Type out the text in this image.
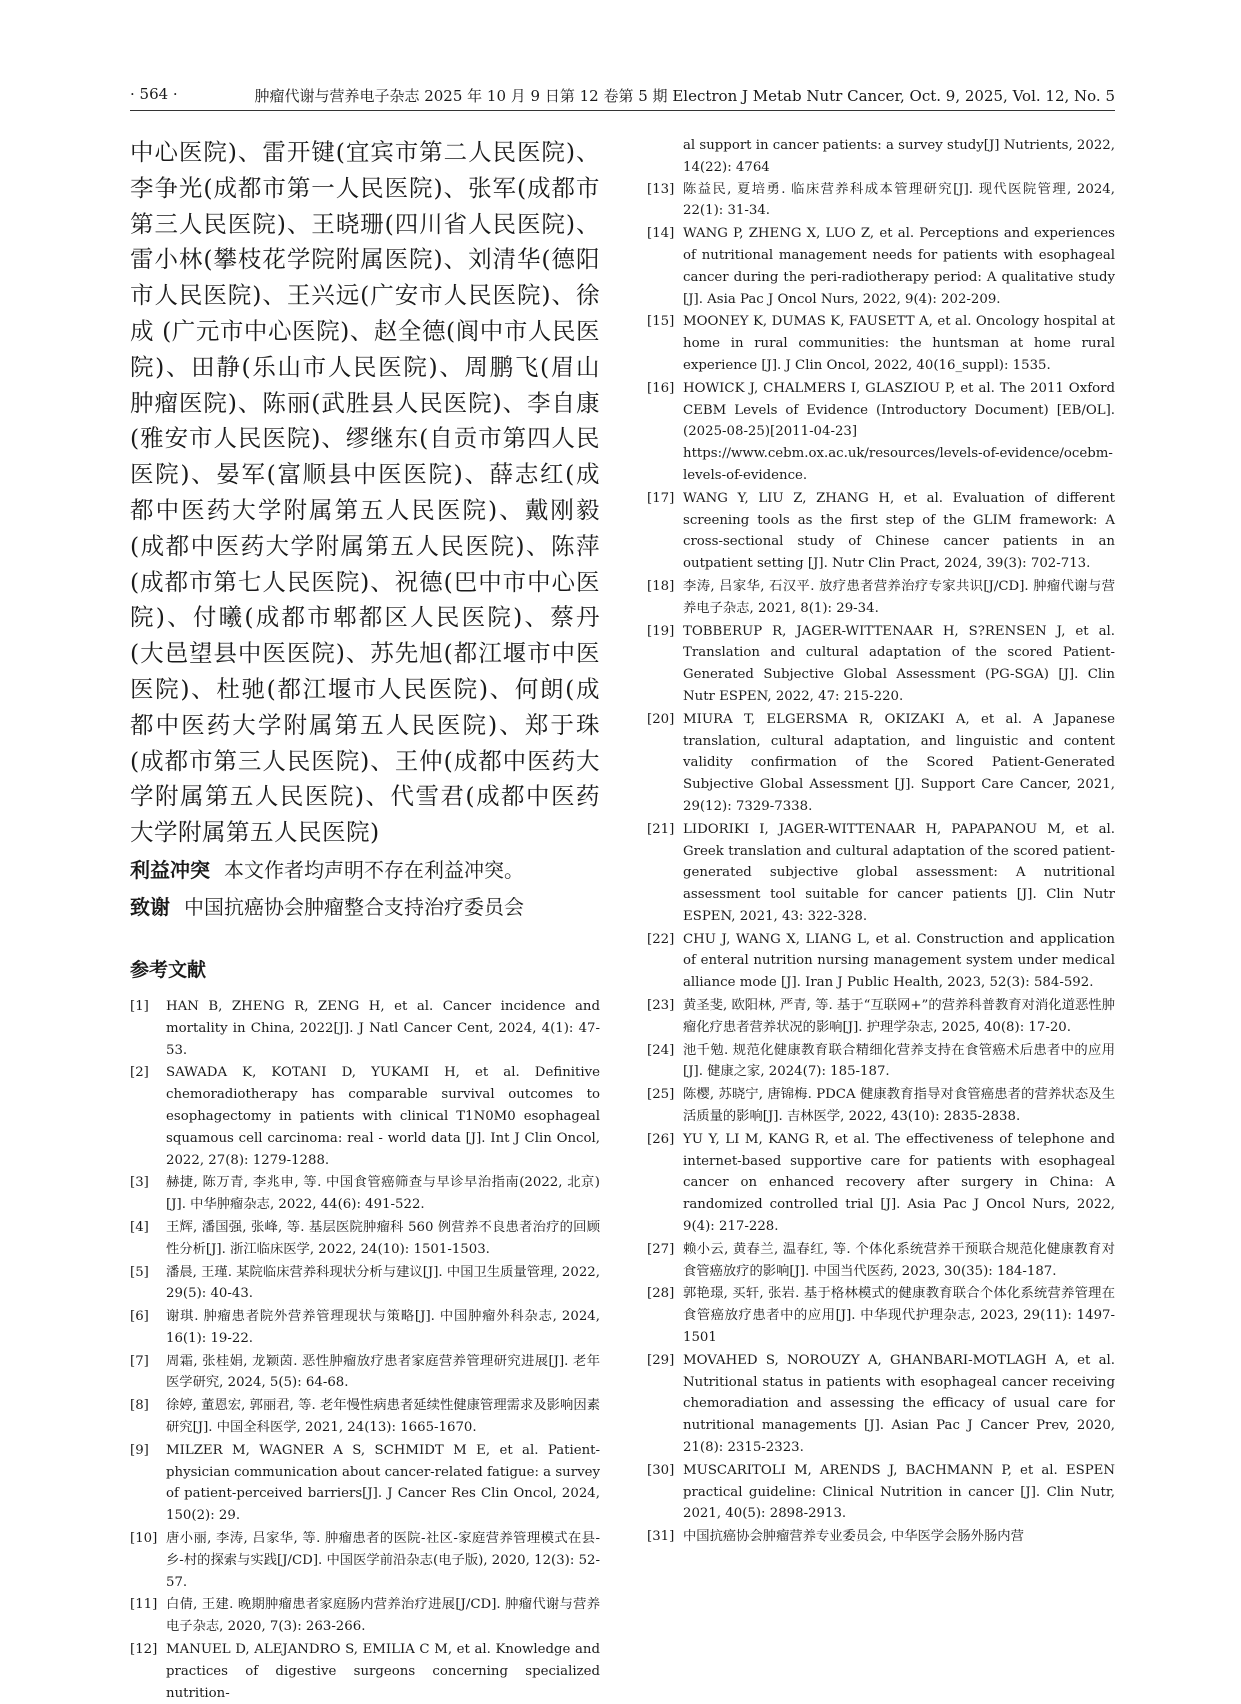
· 564 ·	肿瘤代谢与营养电子杂志 2025 年 10 月 9 日第 12 卷第 5 期 Electron J Metab Nutr Cancer, Oct. 9, 2025, Vol. 12, No. 5

中心医院)、雷开键(宜宾市第二人民医院)、李争光(成都市第一人民医院)、张军(成都市第三人民医院)、王晓珊(四川省人民医院)、雷小林(攀枝花学院附属医院)、刘清华(德阳市人民医院)、王兴远(广安市人民医院)、徐成 (广元市中心医院)、赵全德(阆中市人民医院)、田静(乐山市人民医院)、周鹏飞(眉山肿瘤医院)、陈丽(武胜县人民医院)、李自康(雅安市人民医院)、缪继东(自贡市第四人民医院)、晏军(富顺县中医医院)、薛志红(成都中医药大学附属第五人民医院)、戴刚毅(成都中医药大学附属第五人民医院)、陈萍(成都市第七人民医院)、祝德(巴中市中心医院)、付曦(成都市郫都区人民医院)、蔡丹(大邑望县中医医院)、苏先旭(都江堰市中医医院)、杜驰(都江堰市人民医院)、何朗(成都中医药大学附属第五人民医院)、郑于珠(成都市第三人民医院)、王仲(成都中医药大学附属第五人民医院)、代雪君(成都中医药大学附属第五人民医院)

利益冲突 本文作者均声明不存在利益冲突。
致谢 中国抗癌协会肿瘤整合支持治疗委员会
参考文献

[1] HAN B, ZHENG R, ZENG H, et al. Cancer incidence and mortality in China, 2022[J]. J Natl Cancer Cent, 2024, 4(1): 47-53.

[2] SAWADA K, KOTANI D, YUKAMI H, et al. Definitive chemoradiotherapy has comparable survival outcomes to esophagectomy in patients with clinical T1N0M0 esophageal squamous cell carcinoma: real - world data [J]. Int J Clin Oncol, 2022, 27(8): 1279-1288.

[3] 赫捷, 陈万青, 李兆申, 等. 中国食管癌筛查与早诊早治指南(2022, 北京)[J]. 中华肿瘤杂志, 2022, 44(6): 491-522.

[4] 王辉, 潘国强, 张峰, 等. 基层医院肿瘤科 560 例营养不良患者治疗的回顾性分析[J]. 浙江临床医学, 2022, 24(10): 1501-1503.

[5] 潘晨, 王瑾. 某院临床营养科现状分析与建议[J]. 中国卫生质量管理, 2022, 29(5): 40-43.

[6] 谢琪. 肿瘤患者院外营养管理现状与策略[J]. 中国肿瘤外科杂志, 2024, 16(1): 19-22.

[7] 周霜, 张桂娟, 龙颖茵. 恶性肿瘤放疗患者家庭营养管理研究进展[J]. 老年医学研究, 2024, 5(5): 64-68.

[8] 徐婷, 董恩宏, 郭丽君, 等. 老年慢性病患者延续性健康管理需求及影响因素研究[J]. 中国全科医学, 2021, 24(13): 1665-1670.

[9] MILZER M, WAGNER A S, SCHMIDT M E, et al. Patient-physician communication about cancer-related fatigue: a survey of patient-perceived barriers[J]. J Cancer Res Clin Oncol, 2024, 150(2): 29.

[10] 唐小丽, 李涛, 吕家华, 等. 肿瘤患者的医院-社区-家庭营养管理模式在县-乡-村的探索与实践[J/CD]. 中国医学前沿杂志(电子版), 2020, 12(3): 52-57.

[11] 白倩, 王建. 晚期肿瘤患者家庭肠内营养治疗进展[J/CD]. 肿瘤代谢与营养电子杂志, 2020, 7(3): 263-266.

[12] MANUEL D, ALEJANDRO S, EMILIA C M, et al. Knowledge and practices of digestive surgeons concerning specialized nutrition-

al support in cancer patients: a survey study[J] Nutrients, 2022, 14(22): 4764

[13] 陈益民, 夏培勇. 临床营养科成本管理研究[J]. 现代医院管理, 2024, 22(1): 31-34.

[14] WANG P, ZHENG X, LUO Z, et al. Perceptions and experiences of nutritional management needs for patients with esophageal cancer during the peri-radiotherapy period: A qualitative study [J]. Asia Pac J Oncol Nurs, 2022, 9(4): 202-209.

[15] MOONEY K, DUMAS K, FAUSETT A, et al. Oncology hospital at home in rural communities: the huntsman at home rural experience [J]. J Clin Oncol, 2022, 40(16_suppl): 1535.

[16] HOWICK J, CHALMERS I, GLASZIOU P, et al. The 2011 Oxford CEBM Levels of Evidence (Introductory Document) [EB/OL]. (2025-08-25)[2011-04-23] https://www.cebm.ox.ac.uk/resources/levels-of-evidence/ocebm-levels-of-evidence.

[17] WANG Y, LIU Z, ZHANG H, et al. Evaluation of different screening tools as the first step of the GLIM framework: A cross-sectional study of Chinese cancer patients in an outpatient setting [J]. Nutr Clin Pract, 2024, 39(3): 702-713.

[18] 李涛, 吕家华, 石汉平. 放疗患者营养治疗专家共识[J/CD]. 肿瘤代谢与营养电子杂志, 2021, 8(1): 29-34.

[19] TOBBERUP R, JAGER-WITTENAAR H, S?RENSEN J, et al. Translation and cultural adaptation of the scored Patient-Generated Subjective Global Assessment (PG-SGA) [J]. Clin Nutr ESPEN, 2022, 47: 215-220.

[20] MIURA T, ELGERSMA R, OKIZAKI A, et al. A Japanese translation, cultural adaptation, and linguistic and content validity confirmation of the Scored Patient-Generated Subjective Global Assessment [J]. Support Care Cancer, 2021, 29(12): 7329-7338.

[21] LIDORIKI I, JAGER-WITTENAAR H, PAPAPANOU M, et al. Greek translation and cultural adaptation of the scored patient-generated subjective global assessment: A nutritional assessment tool suitable for cancer patients [J]. Clin Nutr ESPEN, 2021, 43: 322-328.

[22] CHU J, WANG X, LIANG L, et al. Construction and application of enteral nutrition nursing management system under medical alliance mode [J]. Iran J Public Health, 2023, 52(3): 584-592.

[23] 黄圣斐, 欧阳林, 严青, 等. 基于“互联网+”的营养科普教育对消化道恶性肿瘤化疗患者营养状况的影响[J]. 护理学杂志, 2025, 40(8): 17-20.

[24] 池千勉. 规范化健康教育联合精细化营养支持在食管癌术后患者中的应用[J]. 健康之家, 2024(7): 185-187.

[25] 陈樱, 苏晓宁, 唐锦梅. PDCA 健康教育指导对食管癌患者的营养状态及生活质量的影响[J]. 吉林医学, 2022, 43(10): 2835-2838.

[26] YU Y, LI M, KANG R, et al. The effectiveness of telephone and internet-based supportive care for patients with esophageal cancer on enhanced recovery after surgery in China: A randomized controlled trial [J]. Asia Pac J Oncol Nurs, 2022, 9(4): 217-228.

[27] 赖小云, 黄春兰, 温春红, 等. 个体化系统营养干预联合规范化健康教育对食管癌放疗的影响[J]. 中国当代医药, 2023, 30(35): 184-187.

[28] 郭艳璟, 买轩, 张岩. 基于格林模式的健康教育联合个体化系统营养管理在食管癌放疗患者中的应用[J]. 中华现代护理杂志, 2023, 29(11): 1497-1501

[29] MOVAHED S, NOROUZY A, GHANBARI-MOTLAGH A, et al. Nutritional status in patients with esophageal cancer receiving chemoradiation and assessing the efficacy of usual care for nutritional managements [J]. Asian Pac J Cancer Prev, 2020, 21(8): 2315-2323.

[30] MUSCARITOLI M, ARENDS J, BACHMANN P, et al. ESPEN practical guideline: Clinical Nutrition in cancer [J]. Clin Nutr, 2021, 40(5): 2898-2913.

[31] 中国抗癌协会肿瘤营养专业委员会, 中华医学会肠外肠内营
